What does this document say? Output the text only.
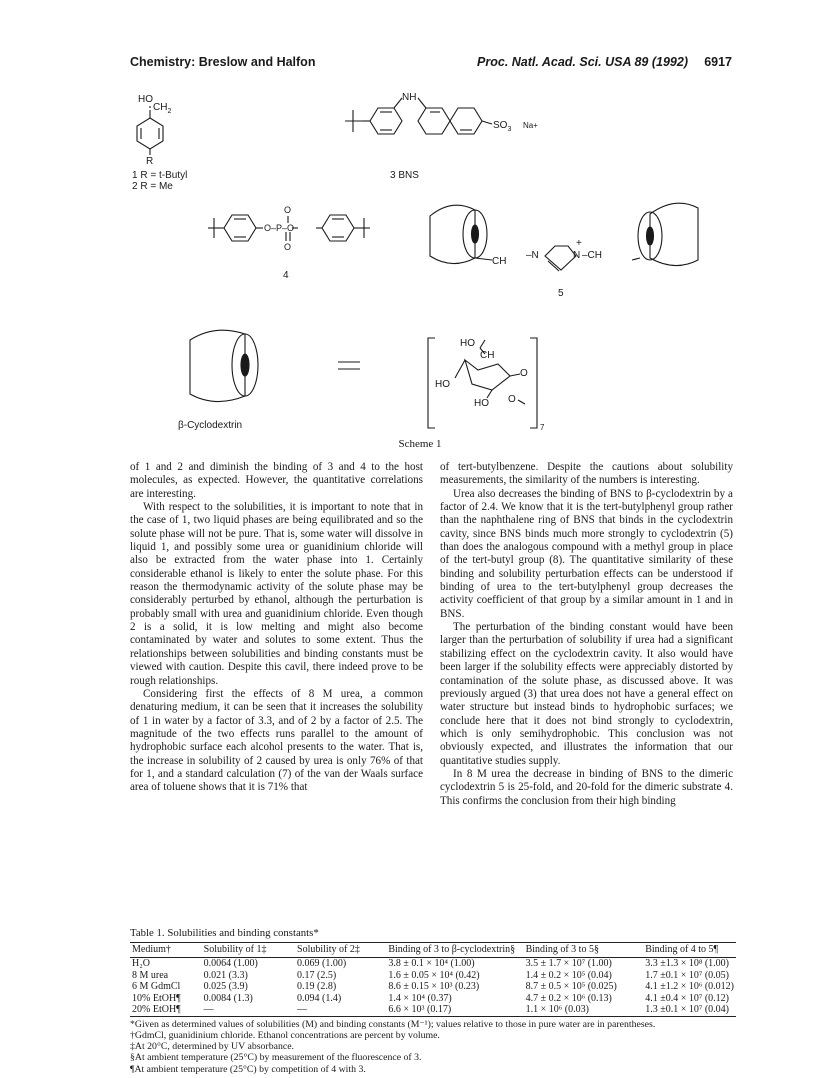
Chemistry: Breslow and Halfon	Proc. Natl. Acad. Sci. USA 89 (1992) 6917
HO
$CH_2$
R
1 R = t-Butyl
2 R = Me
NH
$SO_3$ Na+
3 BNS
O
O–P–O
O
4
CH
–N	N
+
–CH
5
β-Cyclodextrin
HO
CH
HO
HO
O
O
7
Scheme 1

of 1 and 2 and diminish the binding of 3 and 4 to the host molecules, as expected. However, the quantitative correlations are interesting.

With respect to the solubilities, it is important to note that in the case of 1, two liquid phases are being equilibrated and so the solute phase will not be pure. That is, some water will dissolve in liquid 1, and possibly some urea or guanidinium chloride will also be extracted from the water phase into 1. Certainly considerable ethanol is likely to enter the solute phase. For this reason the thermodynamic activity of the solute phase may be considerably perturbed by ethanol, although the perturbation is probably small with urea and guanidinium chloride. Even though 2 is a solid, it is low melting and might also become contaminated by water and solutes to some extent. Thus the relationships between solubilities and binding constants must be viewed with caution. Despite this cavil, there indeed prove to be rough relationships.

Considering first the effects of 8 M urea, a common denaturing medium, it can be seen that it increases the solubility of 1 in water by a factor of 3.3, and of 2 by a factor of 2.5. The magnitude of the two effects runs parallel to the amount of hydrophobic surface each alcohol presents to the water. That is, the increase in solubility of 2 caused by urea is only 76% of that for 1, and a standard calculation (7) of the van der Waals surface area of toluene shows that it is 71% that

of tert-butylbenzene. Despite the cautions about solubility measurements, the similarity of the numbers is interesting.

Urea also decreases the binding of BNS to β-cyclodextrin by a factor of 2.4. We know that it is the tert-butylphenyl group rather than the naphthalene ring of BNS that binds in the cyclodextrin cavity, since BNS binds much more strongly to cyclodextrin (5) than does the analogous compound with a methyl group in place of the tert-butyl group (8). The quantitative similarity of these binding and solubility perturbation effects can be understood if binding of urea to the tert-butylphenyl group decreases the activity coefficient of that group by a similar amount in 1 and in BNS.

The perturbation of the binding constant would have been larger than the perturbation of solubility if urea had a significant stabilizing effect on the cyclodextrin cavity. It also would have been larger if the solubility effects were appreciably distorted by contamination of the solute phase, as discussed above. It was previously argued (3) that urea does not have a general effect on water structure but instead binds to hydrophobic surfaces; we conclude here that it does not bind strongly to cyclodextrin, which is only semihydrophobic. This conclusion was not obviously expected, and illustrates the information that our quantitative studies supply.

In 8 M urea the decrease in binding of BNS to the dimeric cyclodextrin 5 is 25-fold, and 20-fold for the dimeric substrate 4. This confirms the conclusion from their high binding

Table 1. Solubilities and binding constants*
Medium†	Solubility of 1‡	Solubility of 2‡	Binding of 3 to β-cyclodextrin§	Binding of 3 to 5§	Binding of 4 to 5¶

H₂O	0.0064 (1.00)	0.069 (1.00)	3.8 ± 0.1 × 10⁴ (1.00)	3.5 ± 1.7 × 10⁷ (1.00)	3.3 ±1.3 × 10⁸ (1.00)
8 M urea	0.021 (3.3)	0.17 (2.5)	1.6 ± 0.05 × 10⁴ (0.42)	1.4 ± 0.2 × 10⁵ (0.04)	1.7 ±0.1 × 10⁷ (0.05)
6 M GdmCl	0.025 (3.9)	0.19 (2.8)	8.6 ± 0.15 × 10³ (0.23)	8.7 ± 0.5 × 10⁵ (0.025)	4.1 ±1.2 × 10⁶ (0.012)
10% EtOH¶	0.0084 (1.3)	0.094 (1.4)	1.4 × 10⁴ (0.37)	4.7 ± 0.2 × 10⁶ (0.13)	4.1 ±0.4 × 10⁷ (0.12)
20% EtOH¶	—	—	6.6 × 10³ (0.17)	1.1 × 10⁶ (0.03)	1.3 ±0.1 × 10⁷ (0.04)
*Given as determined values of solubilities (M) and binding constants (M⁻¹); values relative to those in pure water are in parentheses.
†GdmCl, guanidinium chloride. Ethanol concentrations are percent by volume.
‡At 20°C, determined by UV absorbance.
§At ambient temperature (25°C) by measurement of the fluorescence of 3.
¶At ambient temperature (25°C) by competition of 4 with 3.
